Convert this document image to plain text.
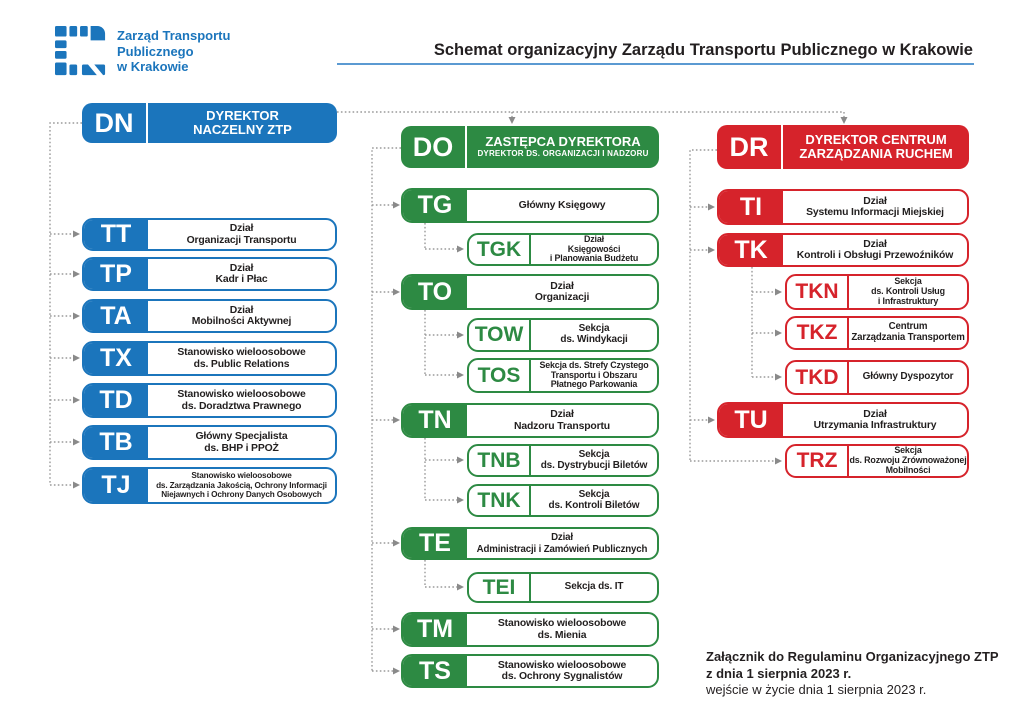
Zarząd Transportu
Publicznego
w Krakowie
Schemat organizacyjny Zarządu Transportu Publicznego w Krakowie
DN	DYREKTOR
NACZELNY ZTP
TT	Dział
Organizacji Transportu
TP	Dział
Kadr i Płac
TA	Dział
Mobilności Aktywnej
TX	Stanowisko wieloosobowe
ds. Public Relations
TD	Stanowisko wieloosobowe
ds. Doradztwa Prawnego
TB	Główny Specjalista
ds. BHP i PPOŻ
TJ	Stanowisko wieloosobowe
ds. Zarządzania Jakością, Ochrony Informacji
Niejawnych i Ochrony Danych Osobowych
DO	ZASTĘPCA DYREKTORA
DYREKTOR DS. ORGANIZACJI I NADZORU
TG	Główny Księgowy
TGK	Dział
Księgowości
i Planowania Budżetu
TO	Dział
Organizacji
TOW	Sekcja
ds. Windykacji
TOS	Sekcja ds. Strefy Czystego
Transportu i Obszaru
Płatnego Parkowania
TN	Dział
Nadzoru Transportu
TNB	Sekcja
ds. Dystrybucji Biletów
TNK	Sekcja
ds. Kontroli Biletów
TE	Dział
Administracji i Zamówień Publicznych
TEI	Sekcja ds. IT
TM	Stanowisko wieloosobowe
ds. Mienia
TS	Stanowisko wieloosobowe
ds. Ochrony Sygnalistów
DR	DYREKTOR CENTRUM
ZARZĄDZANIA RUCHEM
TI	Dział
Systemu Informacji Miejskiej
TK	Dział
Kontroli i Obsługi Przewoźników
TKN	Sekcja
ds. Kontroli Usług
i Infrastruktury
TKZ	Centrum
Zarządzania Transportem
TKD	Główny Dyspozytor
TU	Dział
Utrzymania Infrastruktury
TRZ	Sekcja
ds. Rozwoju Zrównoważonej
Mobilności
Załącznik do Regulaminu Organizacyjnego ZTP
z dnia 1 sierpnia 2023 r.
wejście w życie dnia 1 sierpnia 2023 r.
